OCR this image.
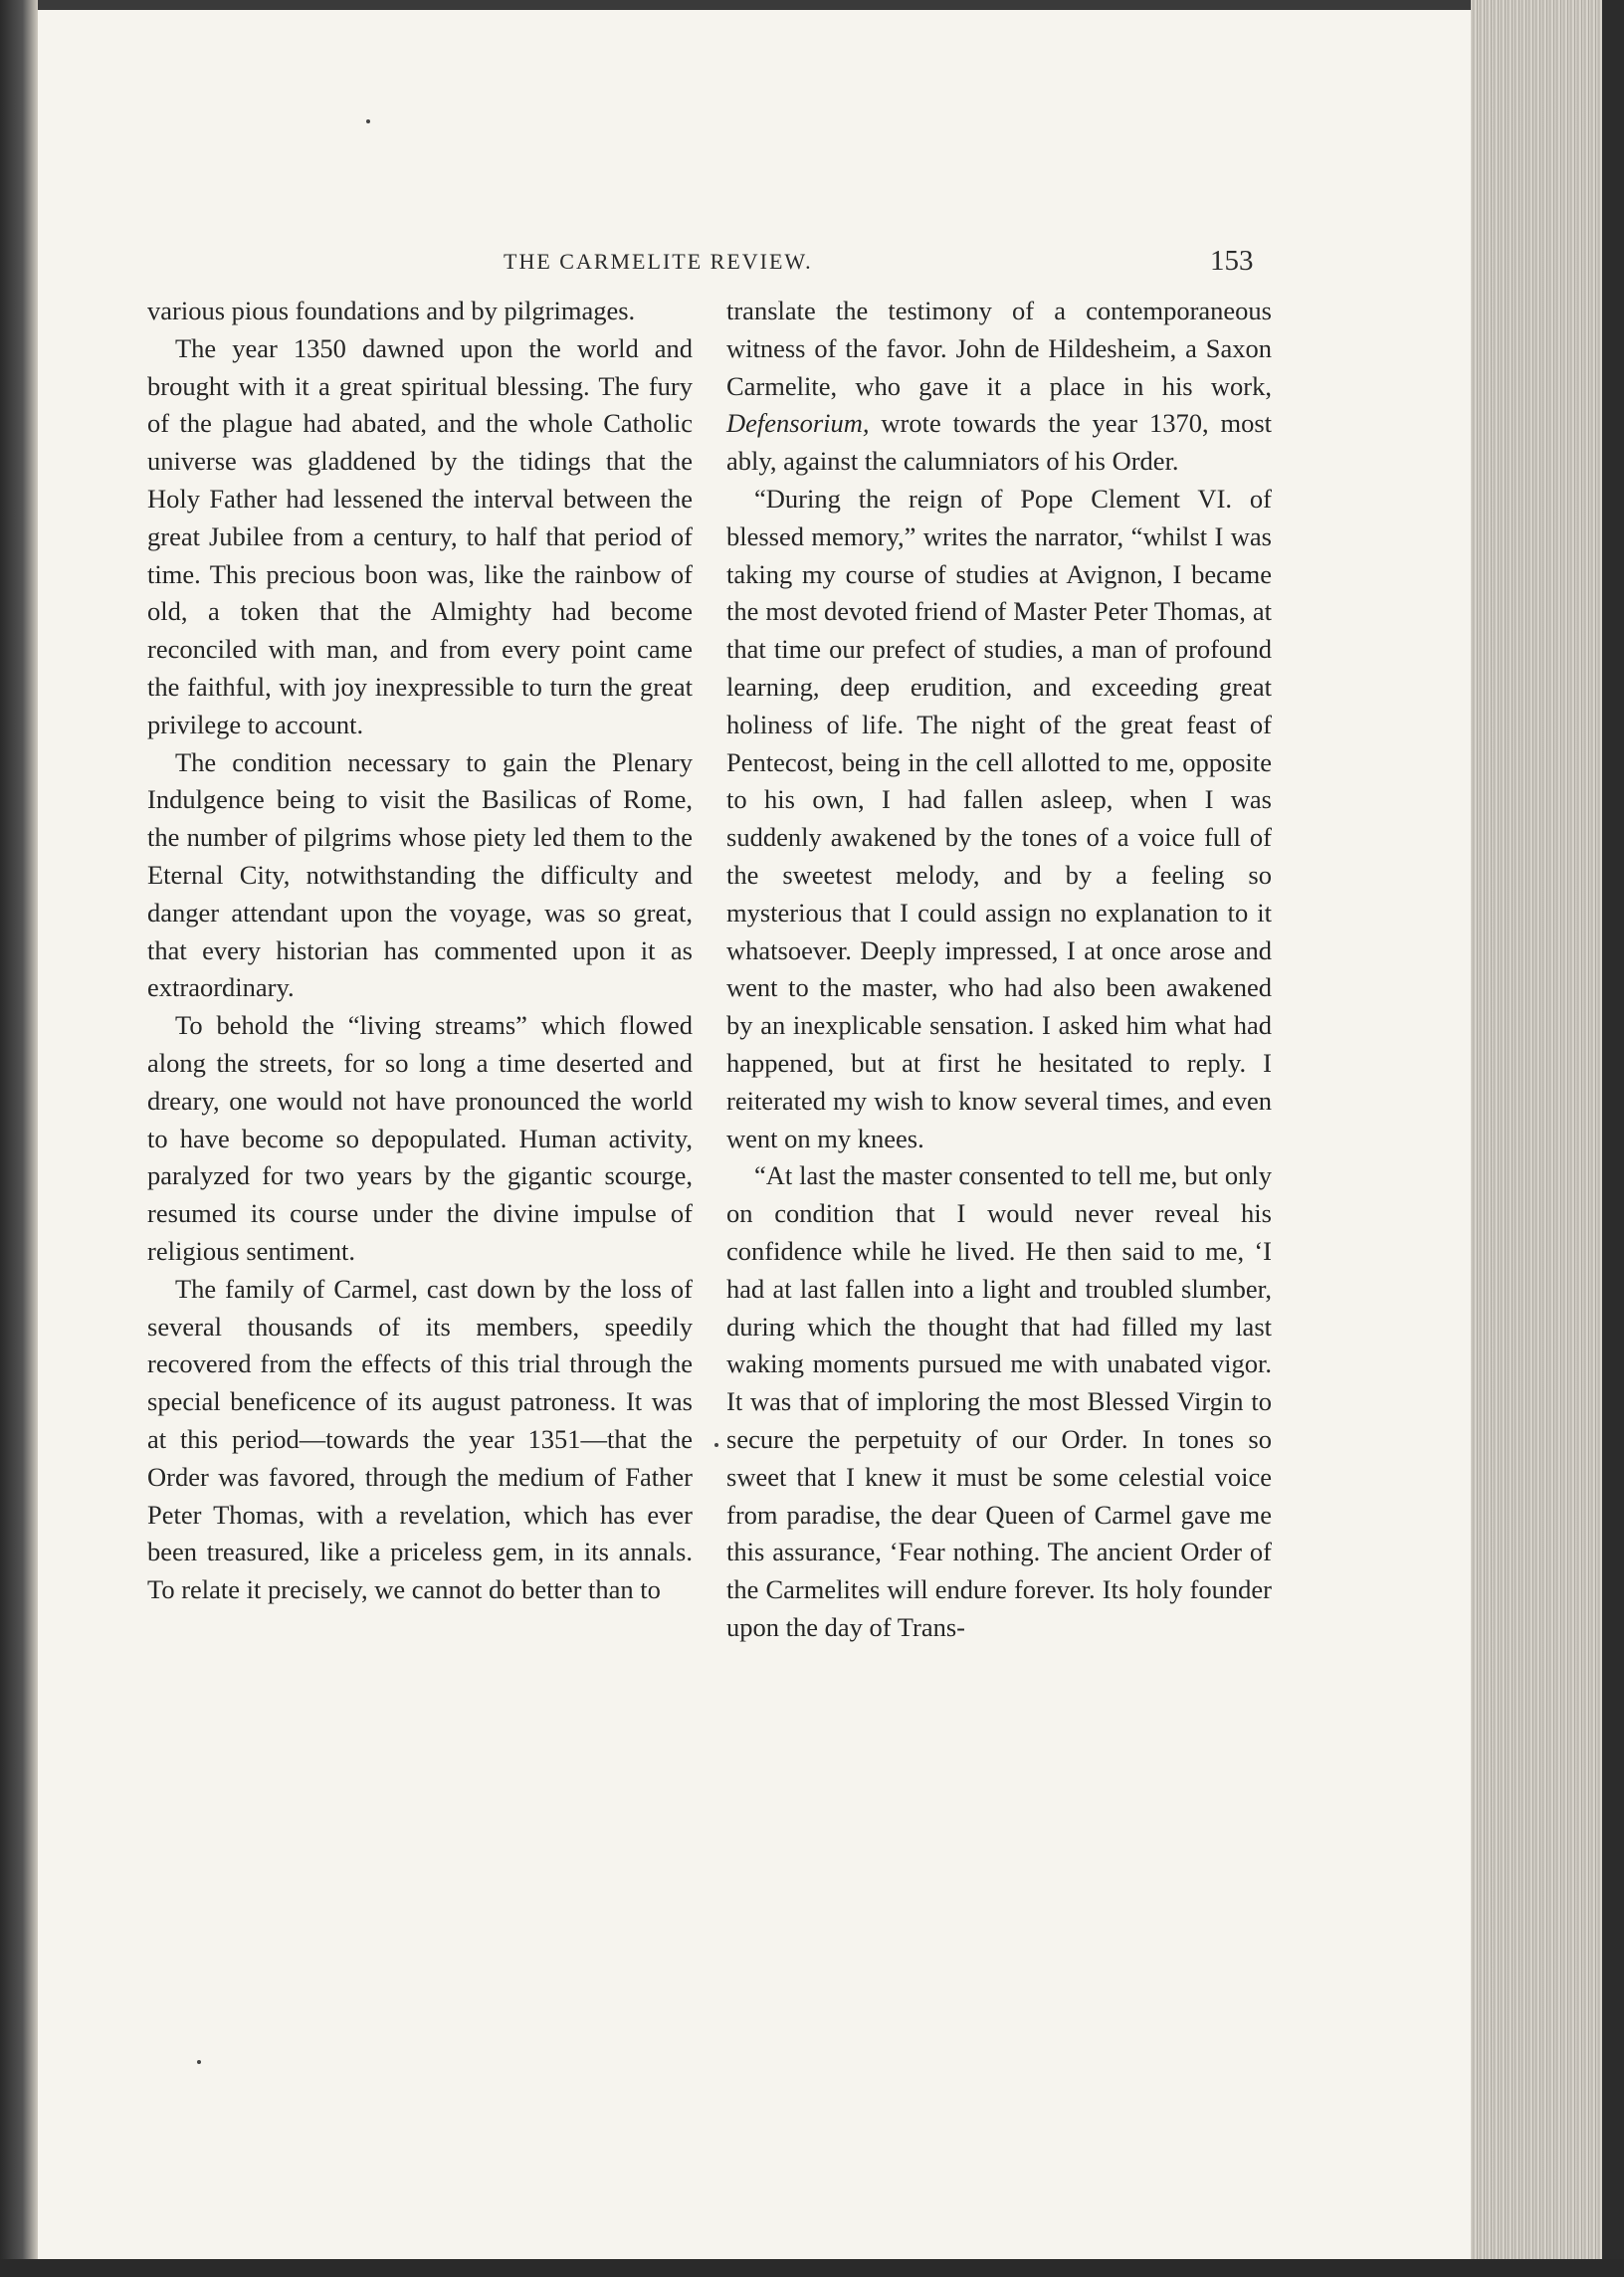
THE CARMELITE REVIEW.	153

various pious foundations and by pilgrimages.

The year 1350 dawned upon the world and brought with it a great spiritual blessing. The fury of the plague had abated, and the whole Catholic universe was gladdened by the tidings that the Holy Father had lessened the interval between the great Jubilee from a century, to half that period of time. This precious boon was, like the rainbow of old, a token that the Almighty had become reconciled with man, and from every point came the faithful, with joy inexpressible to turn the great privilege to account.

The condition necessary to gain the Plenary Indulgence being to visit the Basilicas of Rome, the number of pilgrims whose piety led them to the Eternal City, notwithstanding the difficulty and danger attendant upon the voyage, was so great, that every historian has commented upon it as extraordinary.

To behold the “living streams” which flowed along the streets, for so long a time deserted and dreary, one would not have pronounced the world to have become so depopulated. Human activity, paralyzed for two years by the gigantic scourge, resumed its course under the divine impulse of religious sentiment.

The family of Carmel, cast down by the loss of several thousands of its members, speedily recovered from the effects of this trial through the special beneficence of its august patroness. It was at this period—towards the year 1351—that the Order was favored, through the medium of Father Peter Thomas, with a revelation, which has ever been treasured, like a priceless gem, in its annals. To relate it precisely, we cannot do better than to

translate the testimony of a contemporaneous witness of the favor. John de Hildesheim, a Saxon Carmelite, who gave it a place in his work, Defensorium, wrote towards the year 1370, most ably, against the calumniators of his Order.

“During the reign of Pope Clement VI. of blessed memory,” writes the narrator, “whilst I was taking my course of studies at Avignon, I became the most devoted friend of Master Peter Thomas, at that time our prefect of studies, a man of profound learning, deep erudition, and exceeding great holiness of life. The night of the great feast of Pentecost, being in the cell allotted to me, opposite to his own, I had fallen asleep, when I was suddenly awakened by the tones of a voice full of the sweetest melody, and by a feeling so mysterious that I could assign no explanation to it whatsoever. Deeply impressed, I at once arose and went to the master, who had also been awakened by an inexplicable sensation. I asked him what had happened, but at first he hesitated to reply. I reiterated my wish to know several times, and even went on my knees.

“At last the master consented to tell me, but only on condition that I would never reveal his confidence while he lived. He then said to me, ‘I had at last fallen into a light and troubled slumber, during which the thought that had filled my last waking moments pursued me with unabated vigor. It was that of imploring the most Blessed Virgin to secure the perpetuity of our Order. In tones so sweet that I knew it must be some celestial voice from paradise, the dear Queen of Carmel gave me this assurance, ‘Fear nothing. The ancient Order of the Carmelites will endure forever. Its holy founder upon the day of Trans-
